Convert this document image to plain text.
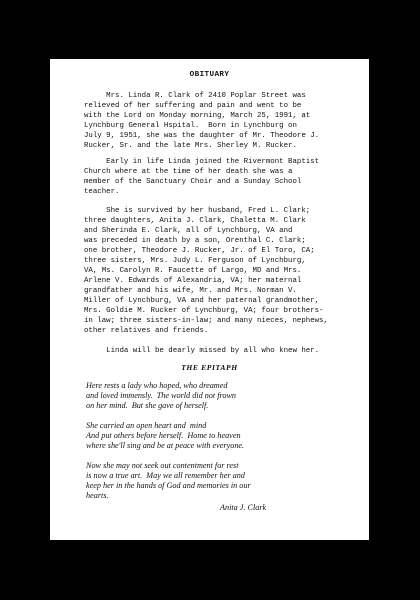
OBITUARY

Mrs. Linda R. Clark of 2410 Poplar Street was
relieved of her suffering and pain and went to be
with the Lord on Monday morning, March 25, 1991, at
Lynchburg General Hspital.  Born in Lynchburg on
July 9, 1951, she was the daughter of Mr. Theodore J.
Rucker, Sr. and the late Mrs. Sherley M. Rucker.

Early in life Linda joined the Rivermont Baptist
Church where at the time of her death she was a
member of the Sanctuary Choir and a Sunday School
teacher.

She is survived by her husband, Fred L. Clark;
three daughters, Anita J. Clark, Chaletta M. Clark
and Sherinda E. Clark, all of Lynchburg, VA and
was preceded in death by a son, Orenthal C. Clark;
one brother, Theodore J. Rucker, Jr. of El Toro, CA;
three sisters, Mrs. Judy L. Ferguson of Lynchburg,
VA, Ms. Carolyn R. Faucette of Largo, MD and Mrs.
Arlene V. Edwards of Alexandria, VA; her maternal
grandfather and his wife, Mr. and Mrs. Norman V.
Miller of Lynchburg, VA and her paternal grandmother,
Mrs. Goldie M. Rucker of Lynchburg, VA; four brothers-
in law; three sisters-in-law; and many nieces, nephews,
other relatives and friends.

Linda will be dearly missed by all who knew her.

THE EPITAPH

Here rests a lady who hoped, who dreamed
and loved immensly.  The world did not frown
on her mind.  But she gave of herself.

She carried an open heart and  mind
And put others before herself.  Home to heaven
where she'll sing and be at peace with everyone.

Now she may not seek out contentment for rest
is now a true art.  May we all remember her and
keep her in the hands of God and memories in our
hearts.

Anita J. Clark
